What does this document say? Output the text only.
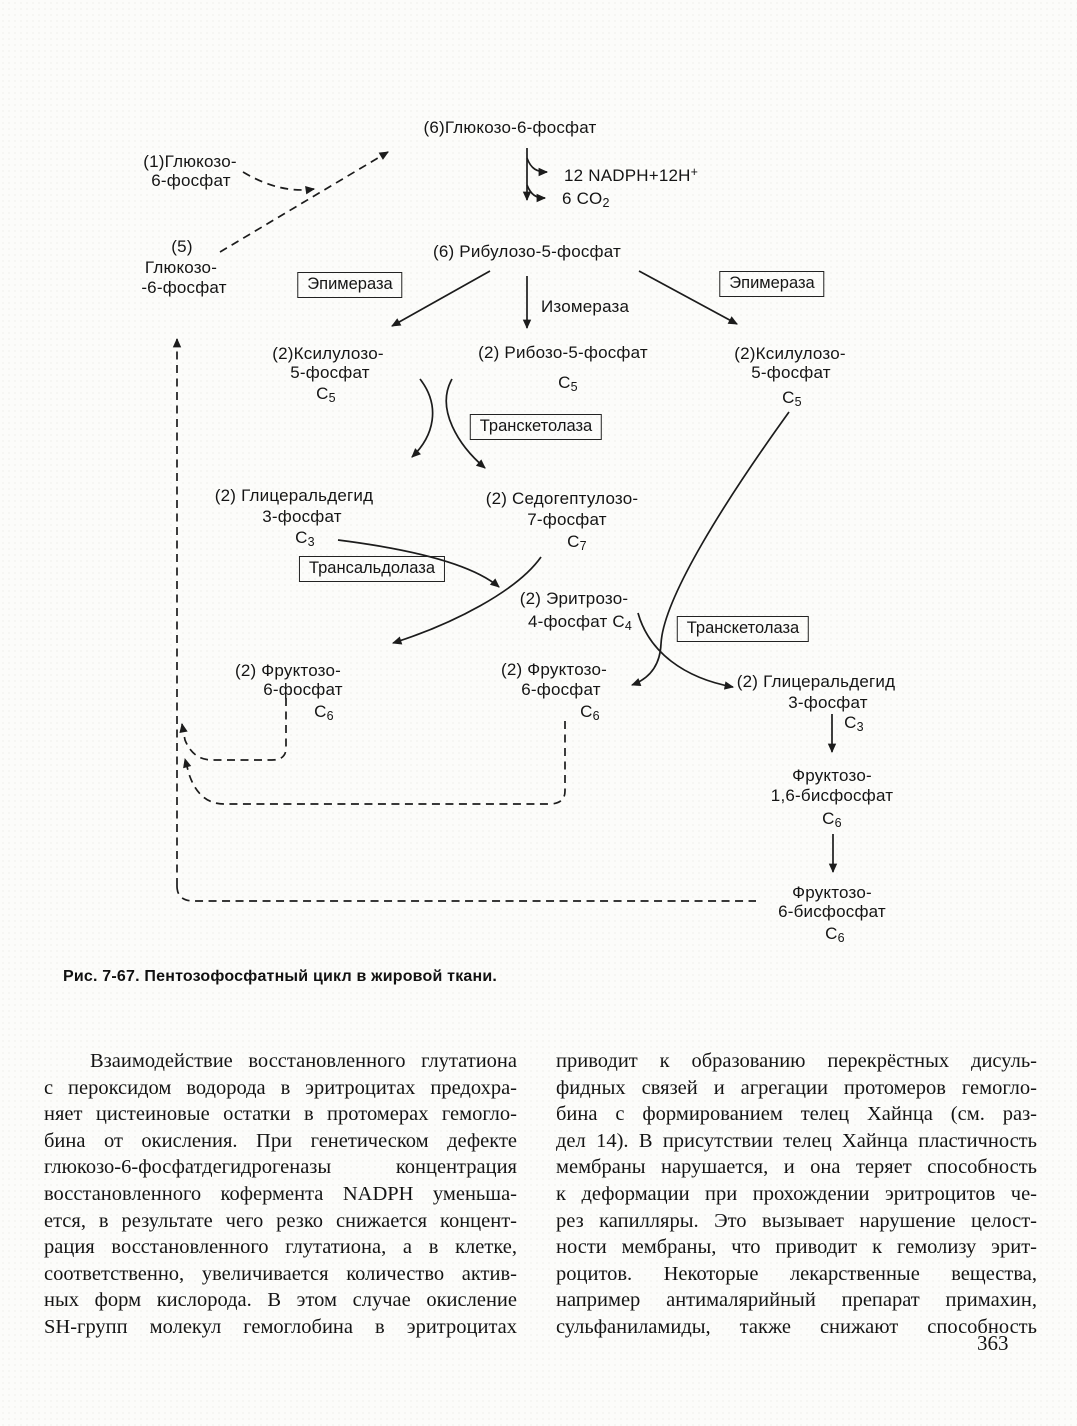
(6)Глюкозо-6-фосфат
(1)Глюкозо-
6-фосфат
(5)
Глюкозо-
-6-фосфат
12 NADPH+12H+
6 $CO_2$
(6) Рибулозо-5-фосфат
Изомераза
Эпимераза	Эпимераза
(2)Ксилулозо-
5-фосфат
$C_5$
(2) Рибозо-5-фосфат
$C_5$
(2)Ксилулозо-
5-фосфат
$C_5$
Транскетолаза
(2) Глицеральдегид
3-фосфат
$C_3$
(2) Седогептулозо-
7-фосфат
$C_7$
Трансальдолаза
(2) Эритрозо-
4-фосфат $C_4$	Транскетолаза
(2) Фруктозо-
6-фосфат
$C_6$
(2) Фруктозо-
6-фосфат
$C_6$
(2) Глицеральдегид
3-фосфат
$C_3$
Фруктозо-
1,6-бисфосфат
$C_6$
Фруктозо-
6-бисфосфат
$C_6$
Рис. 7-67. Пентозофосфатный цикл в жировой ткани.
Взаимодействие восстановленного глутатиона
с пероксидом водорода в эритроцитах предохра-
няет цистеиновые остатки в протомерах гемогло-
бина от окисления. При генетическом дефекте
глюкозо-6-фосфатдегидрогеназы концентрация
восстановленного кофермента NADPH уменьша-
ется, в результате чего резко снижается концент-
рация восстановленного глутатиона, а в клетке,
соответственно, увеличивается количество актив-
ных форм кислорода. В этом случае окисление
SH-групп молекул гемоглобина в эритроцитах
приводит к образованию перекрёстных дисуль-
фидных связей и агрегации протомеров гемогло-
бина с формированием телец Хайнца (см. раз-
дел 14). В присутствии телец Хайнца пластичность
мембраны нарушается, и она теряет способность
к деформации при прохождении эритроцитов че-
рез капилляры. Это вызывает нарушение целост-
ности мембраны, что приводит к гемолизу эрит-
роцитов. Некоторые лекарственные вещества,
например антималярийный препарат примахин,
сульфаниламиды, также снижают способность
363
